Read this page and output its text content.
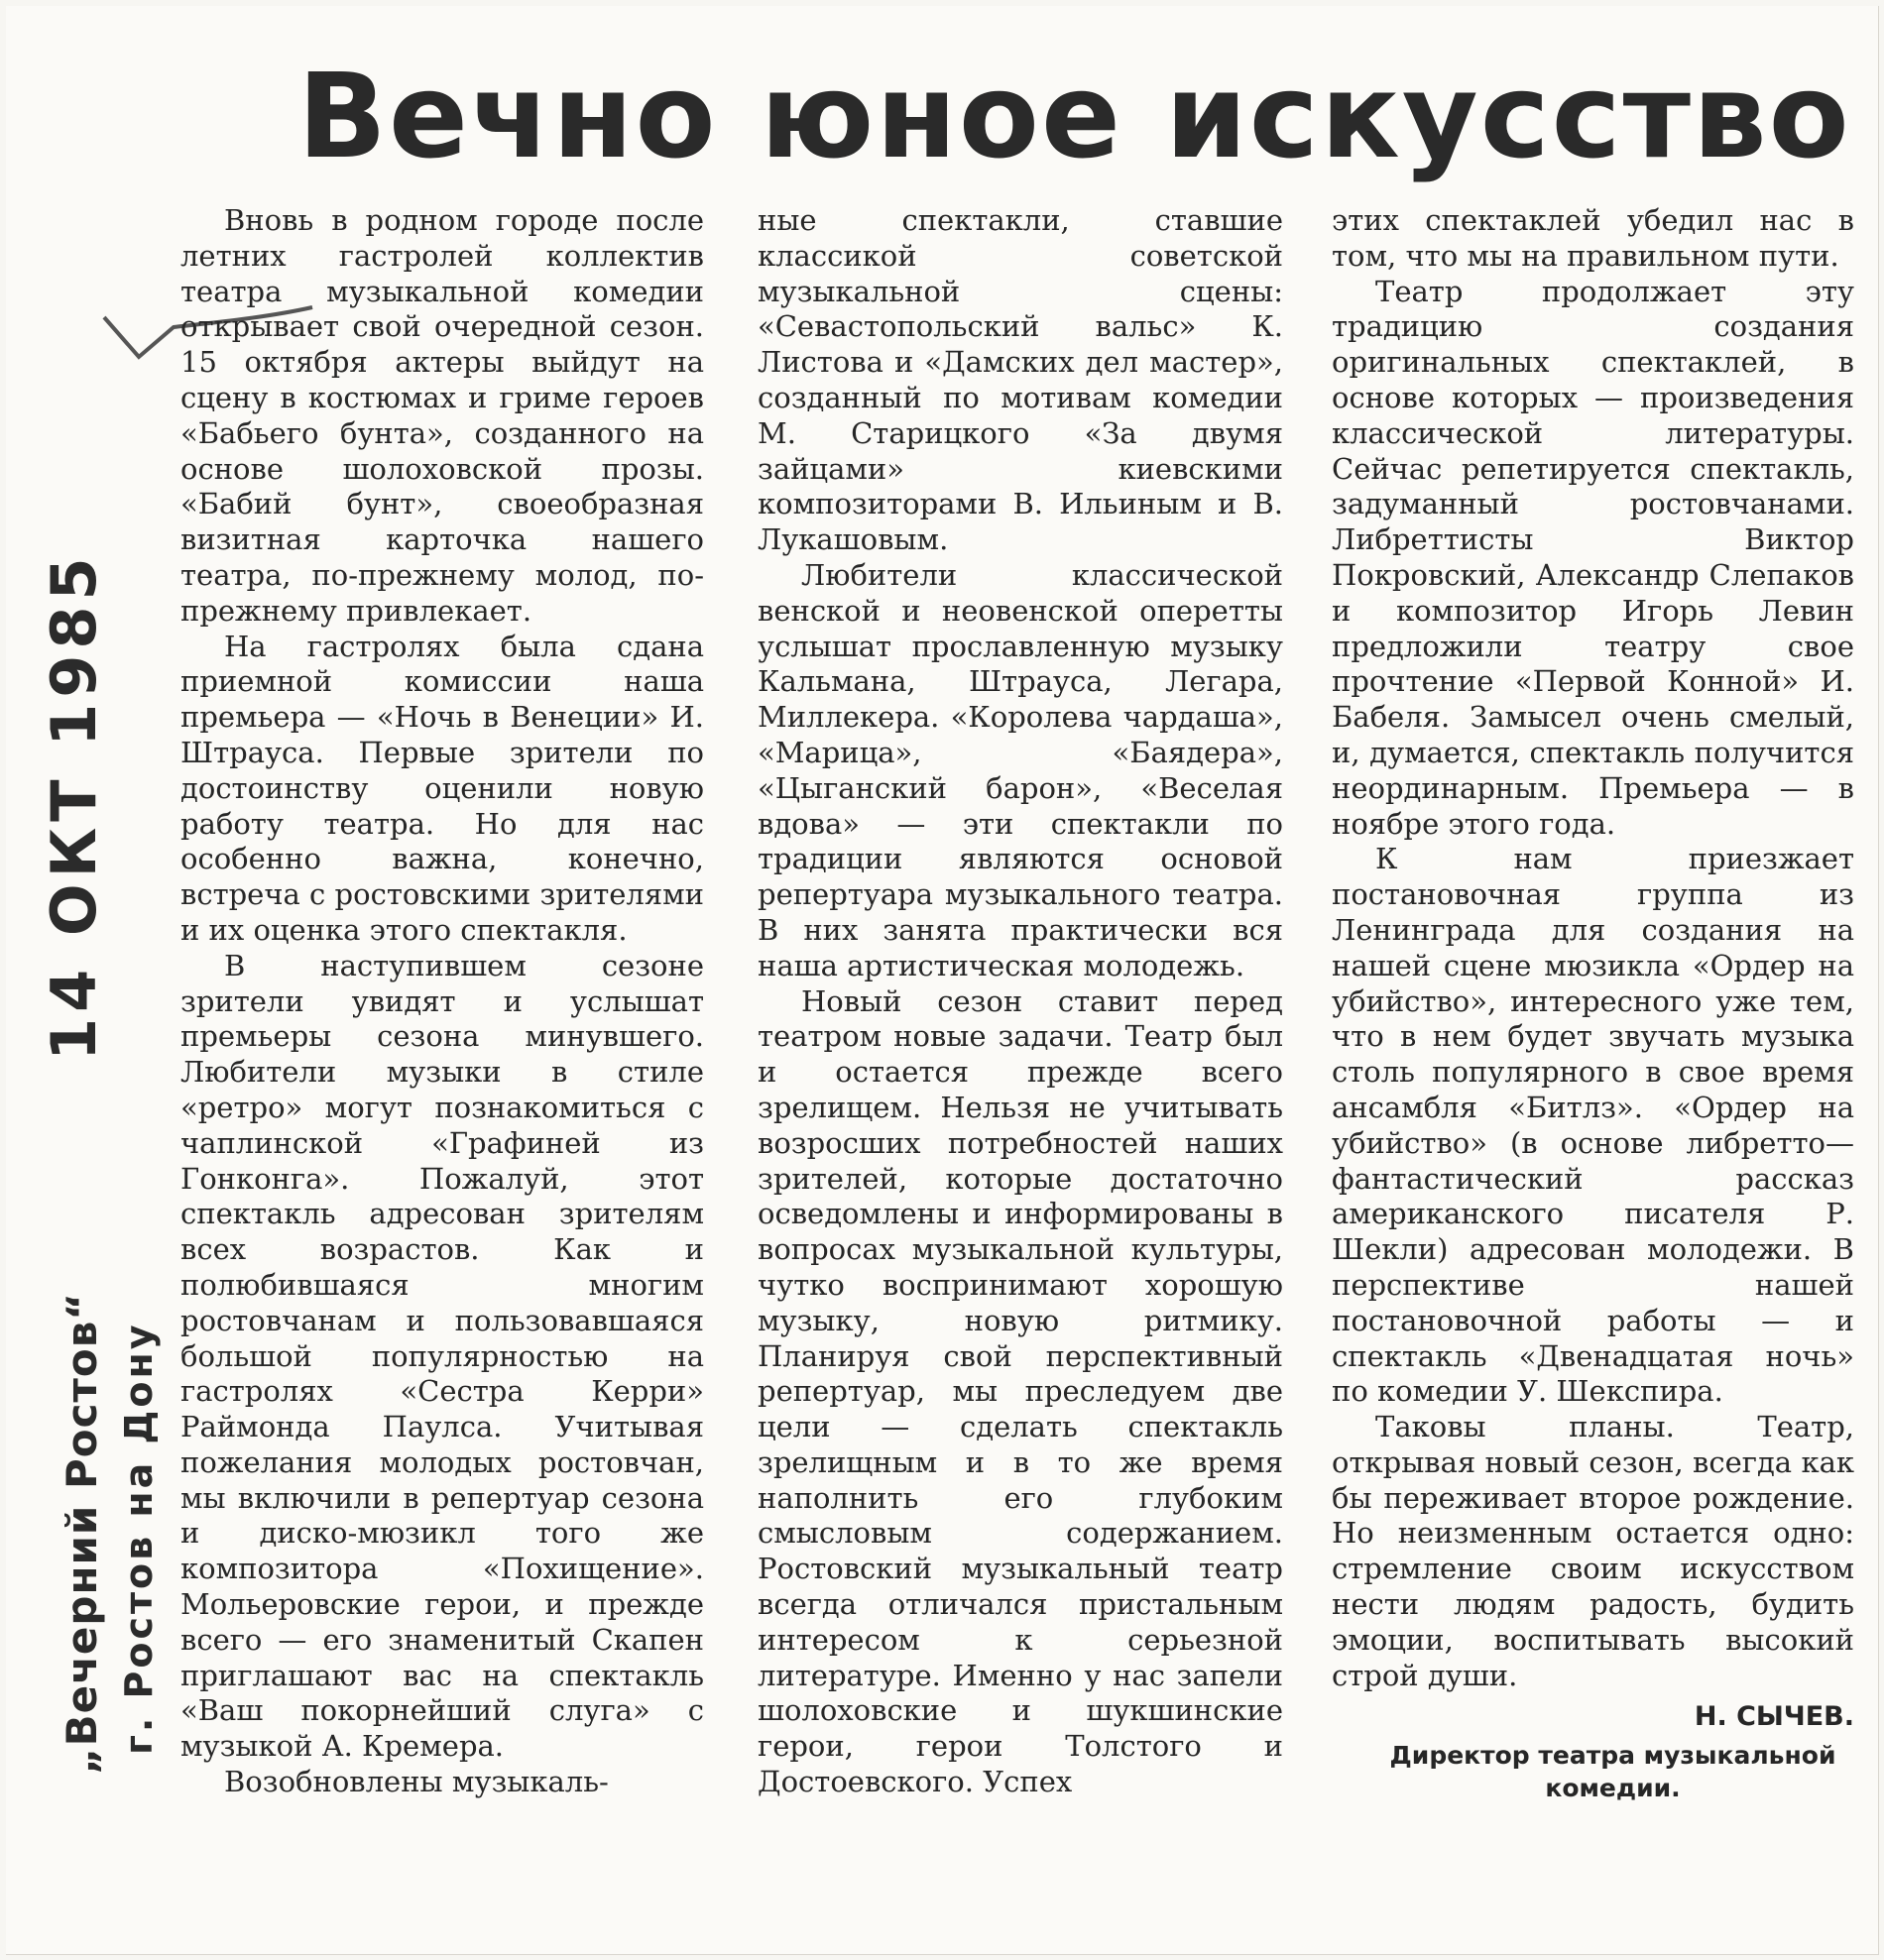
Вечно юное искусство
„Вечерний Ростов“ г. Ростов на Дону
14 ОКТ 1985

Вновь в родном городе после летних гастролей коллектив театра музыкальной комедии открывает свой очередной сезон. 15 октября актеры выйдут на сцену в костюмах и гриме героев «Бабьего бунта», созданного на основе шолоховской прозы. «Бабий бунт», своеобразная визитная карточка нашего театра, по-прежнему молод, по-прежнему привлекает.

На гастролях была сдана приемной комиссии наша премьера — «Ночь в Венеции» И. Штрауса. Первые зрители по достоинству оценили новую работу театра. Но для нас особенно важна, конечно, встреча с ростовскими зрителями и их оценка этого спектакля.

В наступившем сезоне зрители увидят и услышат премьеры сезона минувшего. Любители музыки в стиле «ретро» могут познакомиться с чаплинской «Графиней из Гонконга». Пожалуй, этот спектакль адресован зрителям всех возрастов. Как и полюбившаяся многим ростовчанам и пользовавшаяся большой популярностью на гастролях «Сестра Керри» Раймонда Паулса. Учитывая пожелания молодых ростовчан, мы включили в репертуар сезона и диско-мюзикл того же композитора «Похищение». Мольеровские герои, и прежде всего — его знаменитый Скапен приглашают вас на спектакль «Ваш покорнейший слуга» с музыкой А. Кремера.

Возобновлены музыкаль-

ные спектакли, ставшие классикой советской музыкальной сцены: «Севастопольский вальс» К. Листова и «Дамских дел мастер», созданный по мотивам комедии М. Старицкого «За двумя зайцами» киевскими композиторами В. Ильиным и В. Лукашовым.

Любители классической венской и неовенской оперетты услышат прославленную музыку Кальмана, Штрауса, Легара, Миллекера. «Королева чардаша», «Марица», «Баядера», «Цыганский барон», «Веселая вдова» — эти спектакли по традиции являются основой репертуара музыкального театра. В них занята практически вся наша артистическая молодежь.

Новый сезон ставит перед театром новые задачи. Театр был и остается прежде всего зрелищем. Нельзя не учитывать возросших потребностей наших зрителей, которые достаточно осведомлены и информированы в вопросах музыкальной культуры, чутко воспринимают хорошую музыку, новую ритмику. Планируя свой перспективный репертуар, мы преследуем две цели — сделать спектакль зрелищным и в то же время наполнить его глубоким смысловым содержанием. Ростовский музыкальный театр всегда отличался пристальным интересом к серьезной литературе. Именно у нас запели шолоховские и шукшинские герои, герои Толстого и Достоевского. Успех

этих спектаклей убедил нас в том, что мы на правильном пути.

Театр продолжает эту традицию создания оригинальных спектаклей, в основе которых — произведения классической литературы. Сейчас репетируется спектакль, задуманный ростовчанами. Либреттисты Виктор Покровский, Александр Слепаков и композитор Игорь Левин предложили театру свое прочтение «Первой Конной» И. Бабеля. Замысел очень смелый, и, думается, спектакль получится неординарным. Премьера — в ноябре этого года.

К нам приезжает постановочная группа из Ленинграда для создания на нашей сцене мюзикла «Ордер на убийство», интересного уже тем, что в нем будет звучать музыка столь популярного в свое время ансамбля «Битлз». «Ордер на убийство» (в основе либретто—фантастический рассказ американского писателя Р. Шекли) адресован молодежи. В перспективе нашей постановочной работы — и спектакль «Двенадцатая ночь» по комедии У. Шекспира.

Таковы планы. Театр, открывая новый сезон, всегда как бы переживает второе рождение. Но неизменным остается одно: стремление своим искусством нести людям радость, будить эмоции, воспитывать высокий строй души.

Н. СЫЧЕВ.
Директор театра музыкальной комедии.
